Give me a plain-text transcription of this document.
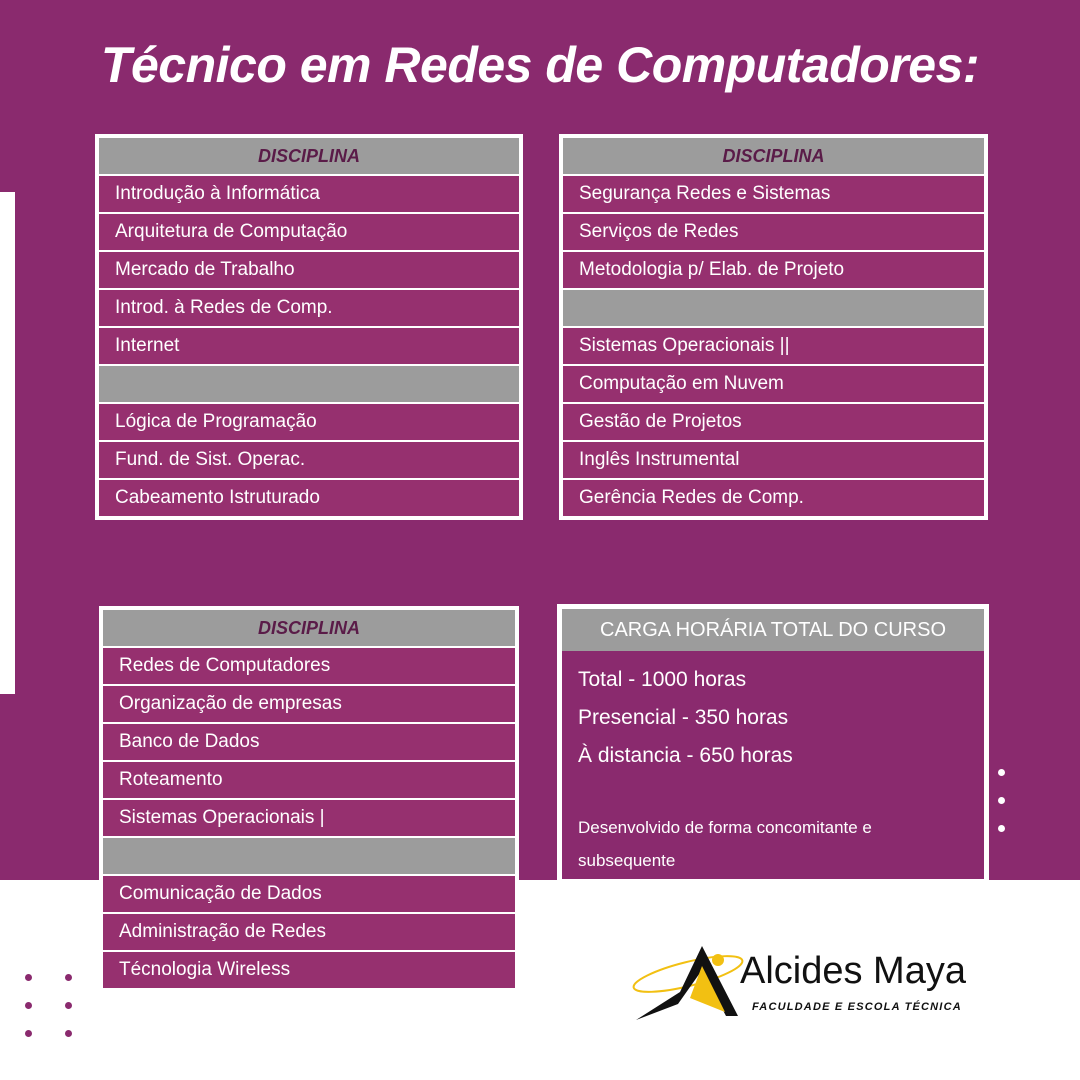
Técnico em Redes de Computadores:
DISCIPLINA
Introdução à Informática
Arquitetura de Computação
Mercado de Trabalho
Introd. à Redes de Comp.
Internet
Lógica de Programação
Fund. de Sist. Operac.
Cabeamento Istruturado
DISCIPLINA
Segurança Redes e Sistemas
Serviços de Redes
Metodologia p/ Elab. de Projeto
Sistemas Operacionais ||
Computação em Nuvem
Gestão de Projetos
Inglês Instrumental
Gerência Redes de Comp.
DISCIPLINA
Redes de Computadores
Organização de empresas
Banco de Dados
Roteamento
Sistemas Operacionais |
Comunicação de Dados
Administração de Redes
Técnologia Wireless
CARGA HORÁRIA TOTAL DO CURSO
Total - 1000 horas
Presencial - 350 horas
À distancia - 650 horas
Desenvolvido de forma concomitante e subsequente
Alcides Maya
FACULDADE E ESCOLA TÉCNICA
